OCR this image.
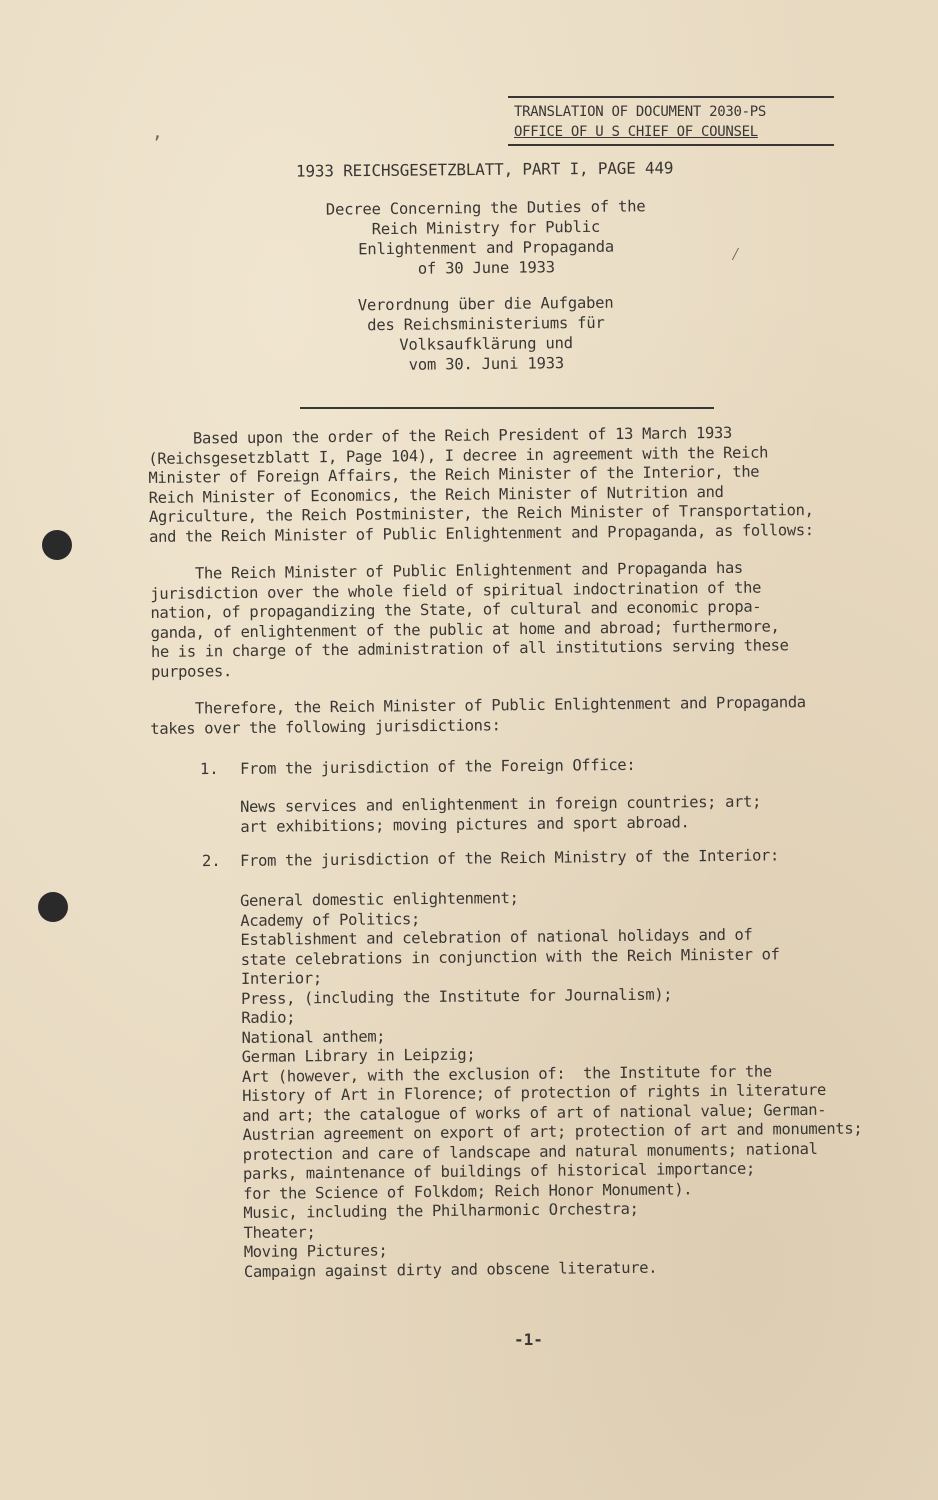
TRANSLATION OF DOCUMENT 2030-PS
OFFICE OF U S CHIEF OF COUNSEL
1933 REICHSGESETZBLATT, PART I, PAGE 449
Decree Concerning the Duties of the
Reich Ministry for Public
Enlightenment and Propaganda
of 30 June 1933
Verordnung über die Aufgaben
des Reichsministeriums für
Volksaufklärung und
vom 30. Juni 1933
Based upon the order of the Reich President of 13 March 1933
(Reichsgesetzblatt I, Page 104), I decree in agreement with the Reich
Minister of Foreign Affairs, the Reich Minister of the Interior, the
Reich Minister of Economics, the Reich Minister of Nutrition and
Agriculture, the Reich Postminister, the Reich Minister of Transportation,
and the Reich Minister of Public Enlightenment and Propaganda, as follows:
The Reich Minister of Public Enlightenment and Propaganda has
jurisdiction over the whole field of spiritual indoctrination of the
nation, of propagandizing the State, of cultural and economic propa-
ganda, of enlightenment of the public at home and abroad; furthermore,
he is in charge of the administration of all institutions serving these
purposes.
Therefore, the Reich Minister of Public Enlightenment and Propaganda
takes over the following jurisdictions:
1. From the jurisdiction of the Foreign Office:
News services and enlightenment in foreign countries; art;
art exhibitions; moving pictures and sport abroad.
2. From the jurisdiction of the Reich Ministry of the Interior:
General domestic enlightenment;
Academy of Politics;
Establishment and celebration of national holidays and of
state celebrations in conjunction with the Reich Minister of
Interior;
Press, (including the Institute for Journalism);
Radio;
National anthem;
German Library in Leipzig;
Art (however, with the exclusion of:  the Institute for the
History of Art in Florence; of protection of rights in literature
and art; the catalogue of works of art of national value; German-
Austrian agreement on export of art; protection of art and monuments;
protection and care of landscape and natural monuments; national
parks, maintenance of buildings of historical importance;
for the Science of Folkdom; Reich Honor Monument).
Music, including the Philharmonic Orchestra;
Theater;
Moving Pictures;
Campaign against dirty and obscene literature.
-1-
‚
⁄
